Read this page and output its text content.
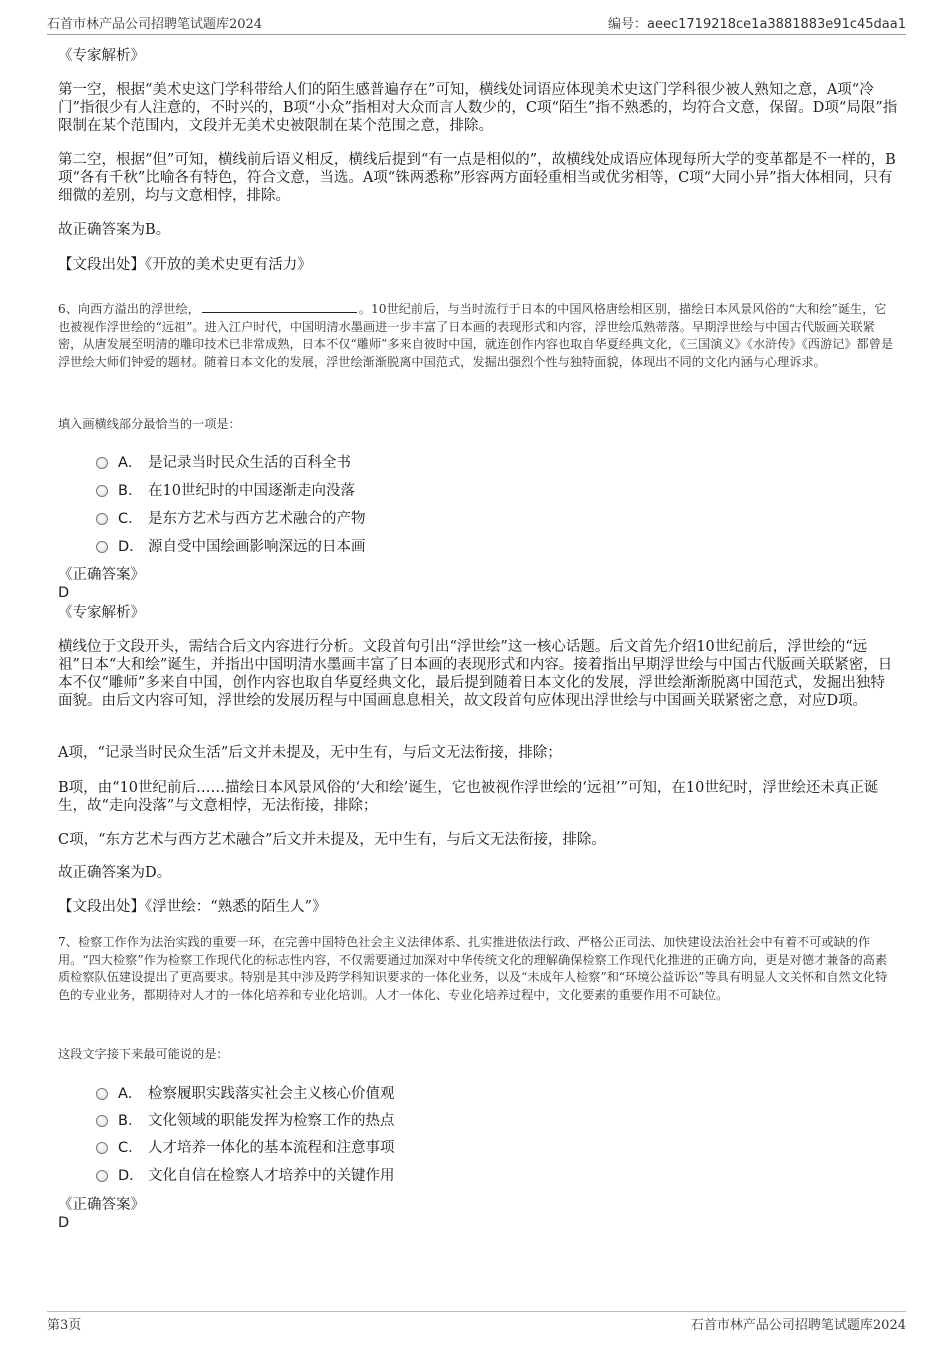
石首市林产品公司招聘笔试题库2024	编号：aeec1719218ce1a3881883e91c45daa1
《专家解析》
第一空，根据“美术史这门学科带给人们的陌生感普遍存在”可知，横线处词语应体现美术史这门学科很少被人熟知之意，A项“冷门”指很少有人注意的，不时兴的，B项“小众”指相对大众而言人数少的，C项“陌生”指不熟悉的，均符合文意，保留。D项“局限”指限制在某个范围内，文段并无美术史被限制在某个范围之意，排除。
第二空，根据“但”可知，横线前后语义相反，横线后提到“有一点是相似的”，故横线处成语应体现每所大学的变革都是不一样的，B项“各有千秋”比喻各有特色，符合文意，当选。A项“铢两悉称”形容两方面轻重相当或优劣相等，C项“大同小异”指大体相同，只有细微的差别，均与文意相悖，排除。
故正确答案为B。
【文段出处】《开放的美术史更有活力》
6、向西方溢出的浮世绘，	。10世纪前后，与当时流行于日本的中国风格唐绘相区别，描绘日本风景风俗的“大和绘”诞生，它也被视作浮世绘的“远祖”。进入江户时代，中国明清水墨画进一步丰富了日本画的表现形式和内容，浮世绘瓜熟蒂落。早期浮世绘与中国古代版画关联紧密，从唐发展至明清的雕印技术已非常成熟，日本不仅“雕师”多来自彼时中国，就连创作内容也取自华夏经典文化，《三国演义》《水浒传》《西游记》都曾是浮世绘大师们钟爱的题材。随着日本文化的发展，浮世绘渐渐脱离中国范式，发掘出强烈个性与独特面貌，体现出不同的文化内涵与心理诉求。
填入画横线部分最恰当的一项是：
A． 是记录当时民众生活的百科全书
B． 在10世纪时的中国逐渐走向没落
C． 是东方艺术与西方艺术融合的产物
D． 源自受中国绘画影响深远的日本画
《正确答案》
D
《专家解析》
横线位于文段开头，需结合后文内容进行分析。文段首句引出“浮世绘”这一核心话题。后文首先介绍10世纪前后，浮世绘的“远祖”日本“大和绘”诞生，并指出中国明清水墨画丰富了日本画的表现形式和内容。接着指出早期浮世绘与中国古代版画关联紧密，日本不仅“雕师”多来自中国，创作内容也取自华夏经典文化，最后提到随着日本文化的发展，浮世绘渐渐脱离中国范式，发掘出独特面貌。由后文内容可知，浮世绘的发展历程与中国画息息相关，故文段首句应体现出浮世绘与中国画关联紧密之意，对应D项。
A项，“记录当时民众生活”后文并未提及，无中生有，与后文无法衔接，排除；
B项，由“10世纪前后……描绘日本风景风俗的‘大和绘’诞生，它也被视作浮世绘的‘远祖’”可知，在10世纪时，浮世绘还未真正诞生，故“走向没落”与文意相悖，无法衔接，排除；
C项，“东方艺术与西方艺术融合”后文并未提及，无中生有，与后文无法衔接，排除。
故正确答案为D。
【文段出处】《浮世绘：“熟悉的陌生人”》
7、检察工作作为法治实践的重要一环，在完善中国特色社会主义法律体系、扎实推进依法行政、严格公正司法、加快建设法治社会中有着不可或缺的作用。“四大检察”作为检察工作现代化的标志性内容，不仅需要通过加深对中华传统文化的理解确保检察工作现代化推进的正确方向，更是对德才兼备的高素质检察队伍建设提出了更高要求。特别是其中涉及跨学科知识要求的一体化业务，以及“未成年人检察”和“环境公益诉讼”等具有明显人文关怀和自然文化特色的专业业务，都期待对人才的一体化培养和专业化培训。人才一体化、专业化培养过程中，文化要素的重要作用不可缺位。
这段文字接下来最可能说的是：
A． 检察履职实践落实社会主义核心价值观
B． 文化领域的职能发挥为检察工作的热点
C． 人才培养一体化的基本流程和注意事项
D． 文化自信在检察人才培养中的关键作用
《正确答案》
D
第3页	石首市林产品公司招聘笔试题库2024
